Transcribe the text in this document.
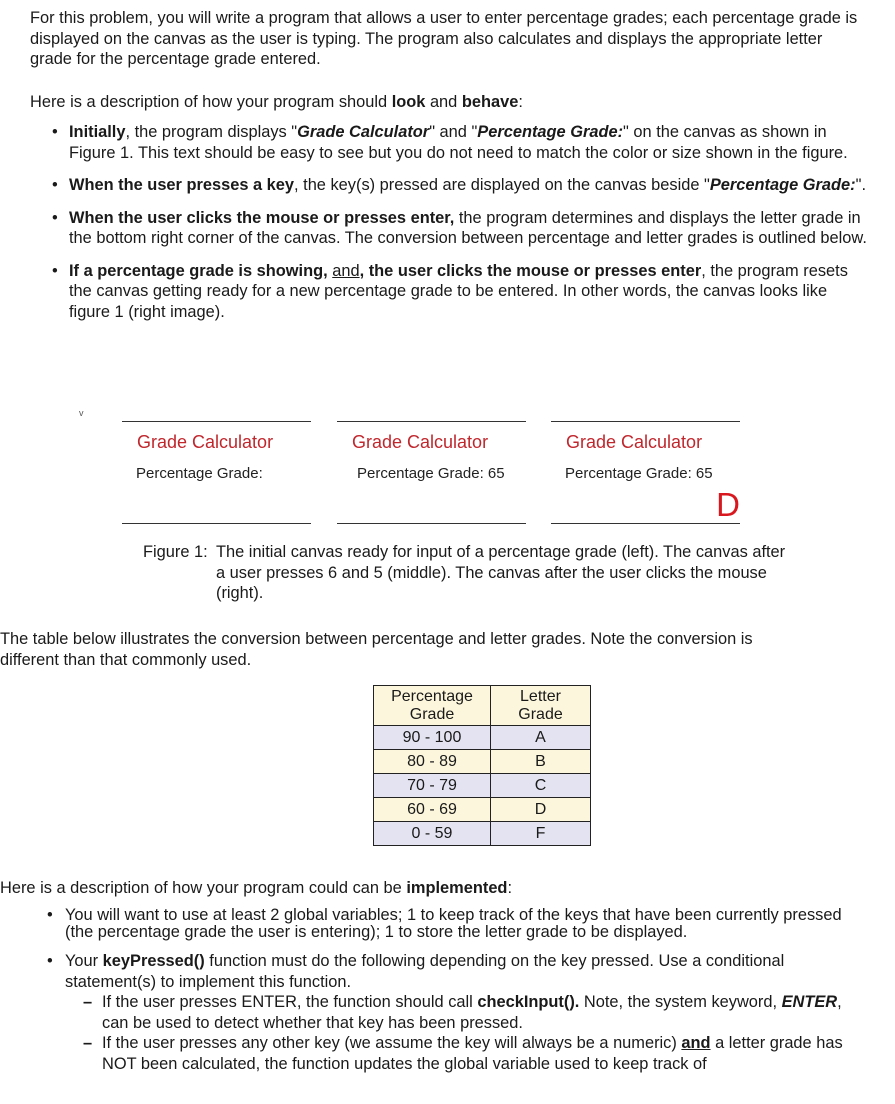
For this problem, you will write a program that allows a user to enter percentage grades; each percentage grade is displayed on the canvas as the user is typing. The program also calculates and displays the appropriate letter grade for the percentage grade entered.

Here is a description of how your program should look and behave:

• Initially, the program displays "Grade Calculator" and "Percentage Grade:" on the canvas as shown in Figure 1. This text should be easy to see but you do not need to match the color or size shown in the figure.
• When the user presses a key, the key(s) pressed are displayed on the canvas beside "Percentage Grade:".
• When the user clicks the mouse or presses enter, the program determines and displays the letter grade in the bottom right corner of the canvas. The conversion between percentage and letter grades is outlined below.
• If a percentage grade is showing, and, the user clicks the mouse or presses enter, the program resets the canvas getting ready for a new percentage grade to be entered. In other words, the canvas looks like figure 1 (right image).
v
Grade Calculator
Percentage Grade:
Grade Calculator
Percentage Grade: 65
Grade Calculator
Percentage Grade: 65
D
Figure 1: The initial canvas ready for input of a percentage grade (left). The canvas after a user presses 6 and 5 (middle). The canvas after the user clicks the mouse (right).

The table below illustrates the conversion between percentage and letter grades. Note the conversion is different than that commonly used.

Percentage Grade	Letter Grade
90 - 100	A
80 - 89	B
70 - 79	C
60 - 69	D
0 - 59	F

Here is a description of how your program could can be implemented:

• You will want to use at least 2 global variables; 1 to keep track of the keys that have been currently pressed (the percentage grade the user is entering); 1 to store the letter grade to be displayed.
• Your keyPressed() function must do the following depending on the key pressed. Use a conditional statement(s) to implement this function.
– If the user presses ENTER, the function should call checkInput(). Note, the system keyword, ENTER, can be used to detect whether that key has been pressed.
– If the user presses any other key (we assume the key will always be a numeric) and a letter grade has NOT been calculated, the function updates the global variable used to keep track of
